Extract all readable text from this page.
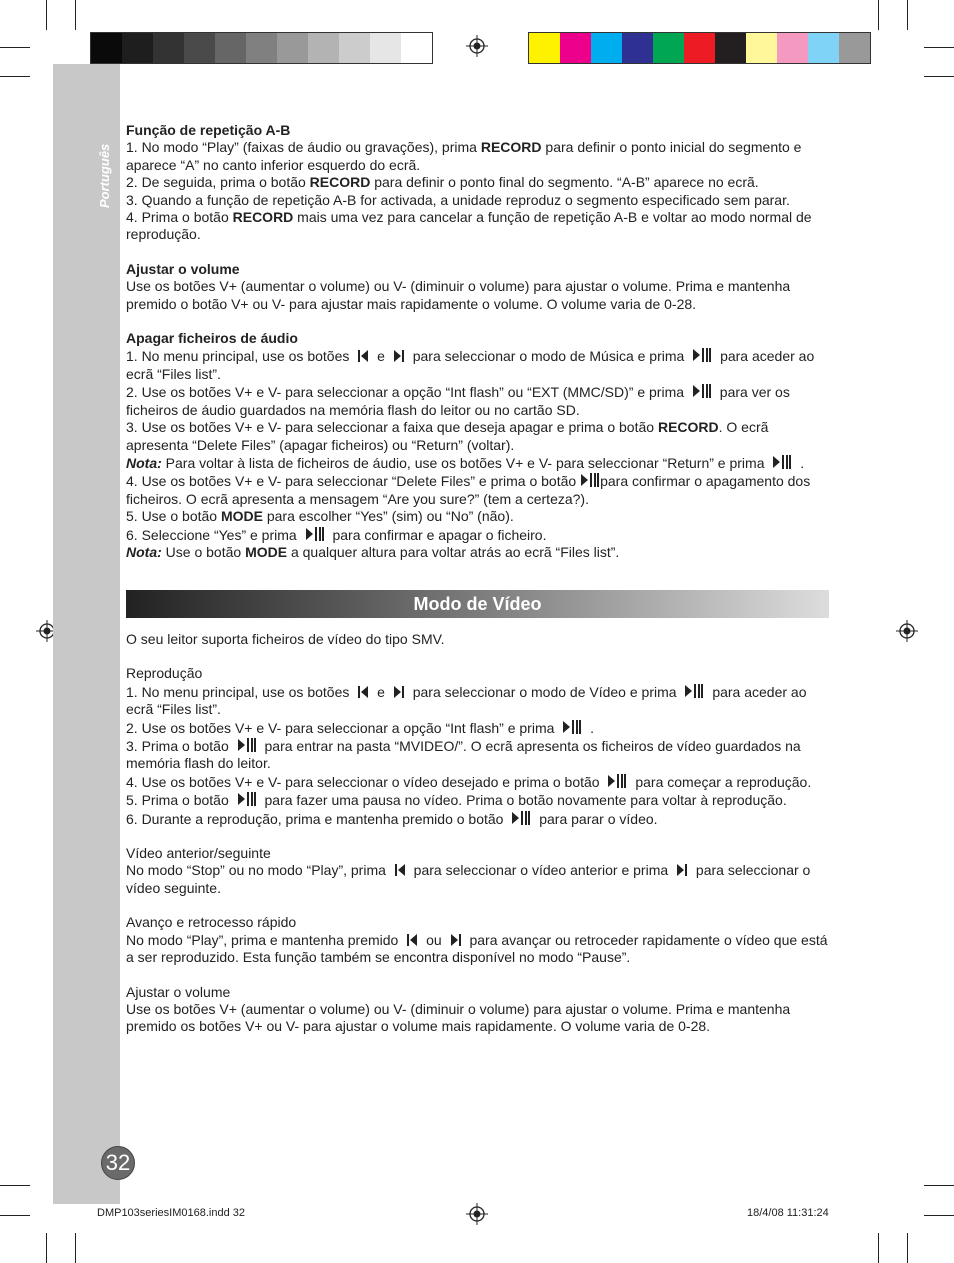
Português

Função de repetição A-B

1. No modo “Play” (faixas de áudio ou gravações), prima RECORD para definir o ponto inicial do segmento e aparece “A” no canto inferior esquerdo do ecrã.

2. De seguida, prima o botão RECORD para definir o ponto final do segmento. “A-B” aparece no ecrã.

3. Quando a função de repetição A-B for activada, a unidade reproduz o segmento especificado sem parar.

4. Prima o botão RECORD mais uma vez para cancelar a função de repetição A-B e voltar ao modo normal de reprodução.

Ajustar o volume

Use os botões V+ (aumentar o volume) ou V- (diminuir o volume) para ajustar o volume. Prima e mantenha premido o botão V+ ou V- para ajustar mais rapidamente o volume. O volume varia de 0-28.

Apagar ficheiros de áudio

1. No menu principal, use os botões  e  para seleccionar o modo de Música e prima  para aceder ao ecrã “Files list”.

2. Use os botões V+ e V- para seleccionar a opção “Int flash” ou “EXT (MMC/SD)” e prima  para ver os ficheiros de áudio guardados na memória flash do leitor ou no cartão SD.

3. Use os botões V+ e V- para seleccionar a faixa que deseja apagar e prima o botão RECORD. O ecrã apresenta “Delete Files” (apagar ficheiros) ou “Return” (voltar).

Nota: Para voltar à lista de ficheiros de áudio, use os botões V+ e V- para seleccionar “Return” e prima  .

4. Use os botões V+ e V- para seleccionar “Delete Files” e prima o botão para confirmar o apagamento dos ficheiros. O ecrã apresenta a mensagem “Are you sure?” (tem a certeza?).

5. Use o botão MODE para escolher “Yes” (sim) ou “No” (não).

6. Seleccione “Yes” e prima  para confirmar e apagar o ficheiro.

Nota: Use o botão MODE a qualquer altura para voltar atrás ao ecrã “Files list”.

Modo de Vídeo

O seu leitor suporta ficheiros de vídeo do tipo SMV.

Reprodução

1. No menu principal, use os botões  e  para seleccionar o modo de Vídeo e prima  para aceder ao ecrã “Files list”.

2. Use os botões V+ e V- para seleccionar a opção “Int flash” e prima  .

3. Prima o botão  para entrar na pasta “MVIDEO/”. O ecrã apresenta os ficheiros de vídeo guardados na memória flash do leitor.

4. Use os botões V+ e V- para seleccionar o vídeo desejado e prima o botão  para começar a reprodução.

5. Prima o botão  para fazer uma pausa no vídeo. Prima o botão novamente para voltar à reprodução.

6. Durante a reprodução, prima e mantenha premido o botão  para parar o vídeo.

Vídeo anterior/seguinte

No modo “Stop” ou no modo “Play”, prima  para seleccionar o vídeo anterior e prima  para seleccionar o vídeo seguinte.

Avanço e retrocesso rápido

No modo “Play”, prima e mantenha premido  ou  para avançar ou retroceder rapidamente o vídeo que está a ser reproduzido. Esta função também se encontra disponível no modo “Pause”.

Ajustar o volume

Use os botões V+ (aumentar o volume) ou V- (diminuir o volume) para ajustar o volume. Prima e mantenha premido os botões V+ ou V- para ajustar o volume mais rapidamente. O volume varia de 0-28.

32
DMP103seriesIM0168.indd 32	18/4/08 11:31:24
